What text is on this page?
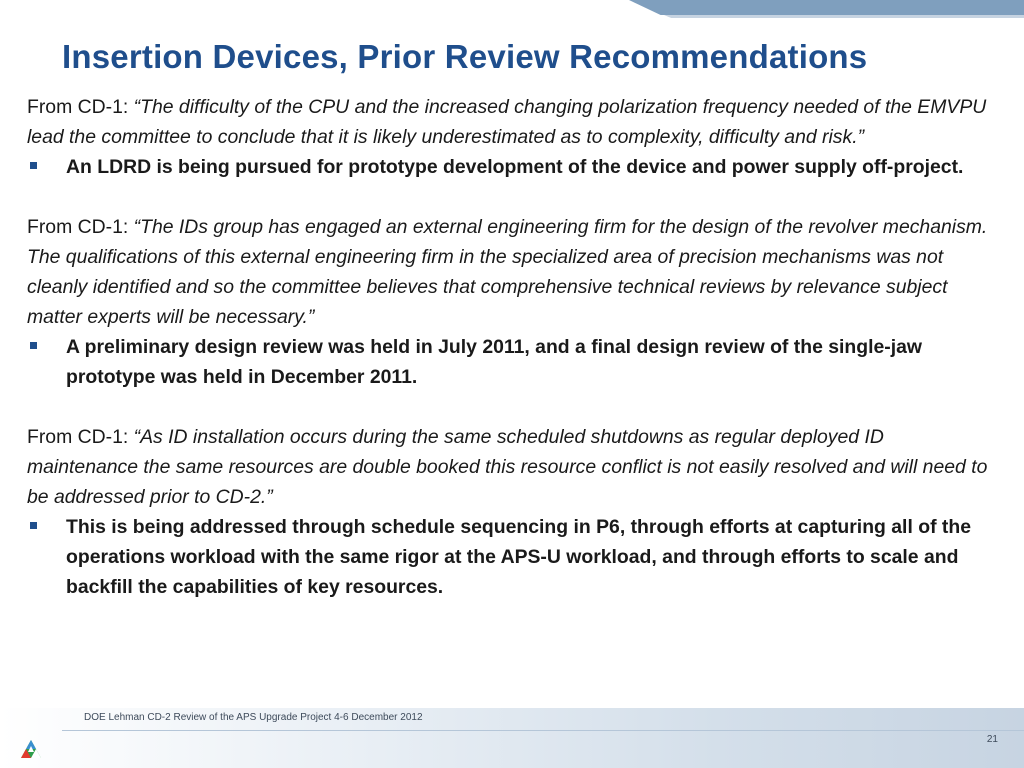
Insertion Devices, Prior Review Recommendations

From CD-1: “The difficulty of the CPU and the increased changing polarization frequency needed of the EMVPU lead the committee to conclude that it is likely underestimated as to complexity, difficulty and risk.”

An LDRD is being pursued for prototype development of the device and power supply off-project.

From CD-1: “The IDs group has engaged an external engineering firm for the design of the revolver mechanism. The qualifications of this external engineering firm in the specialized area of precision mechanisms was not cleanly identified and so the committee believes that comprehensive technical reviews by relevance subject matter experts will be necessary.”

A preliminary design review was held in July 2011, and a final design review of the single-jaw prototype was held in December 2011.

From CD-1: “As ID installation occurs during the same scheduled shutdowns as regular deployed ID maintenance the same resources are double booked this resource conflict is not easily resolved and will need to be addressed prior to CD-2.”

This is being addressed through schedule sequencing in P6, through efforts at capturing all of the operations workload with the same rigor at the APS-U workload, and through efforts to scale and backfill the capabilities of key resources.

DOE Lehman CD-2 Review of the APS Upgrade Project 4-6 December 2012
21
